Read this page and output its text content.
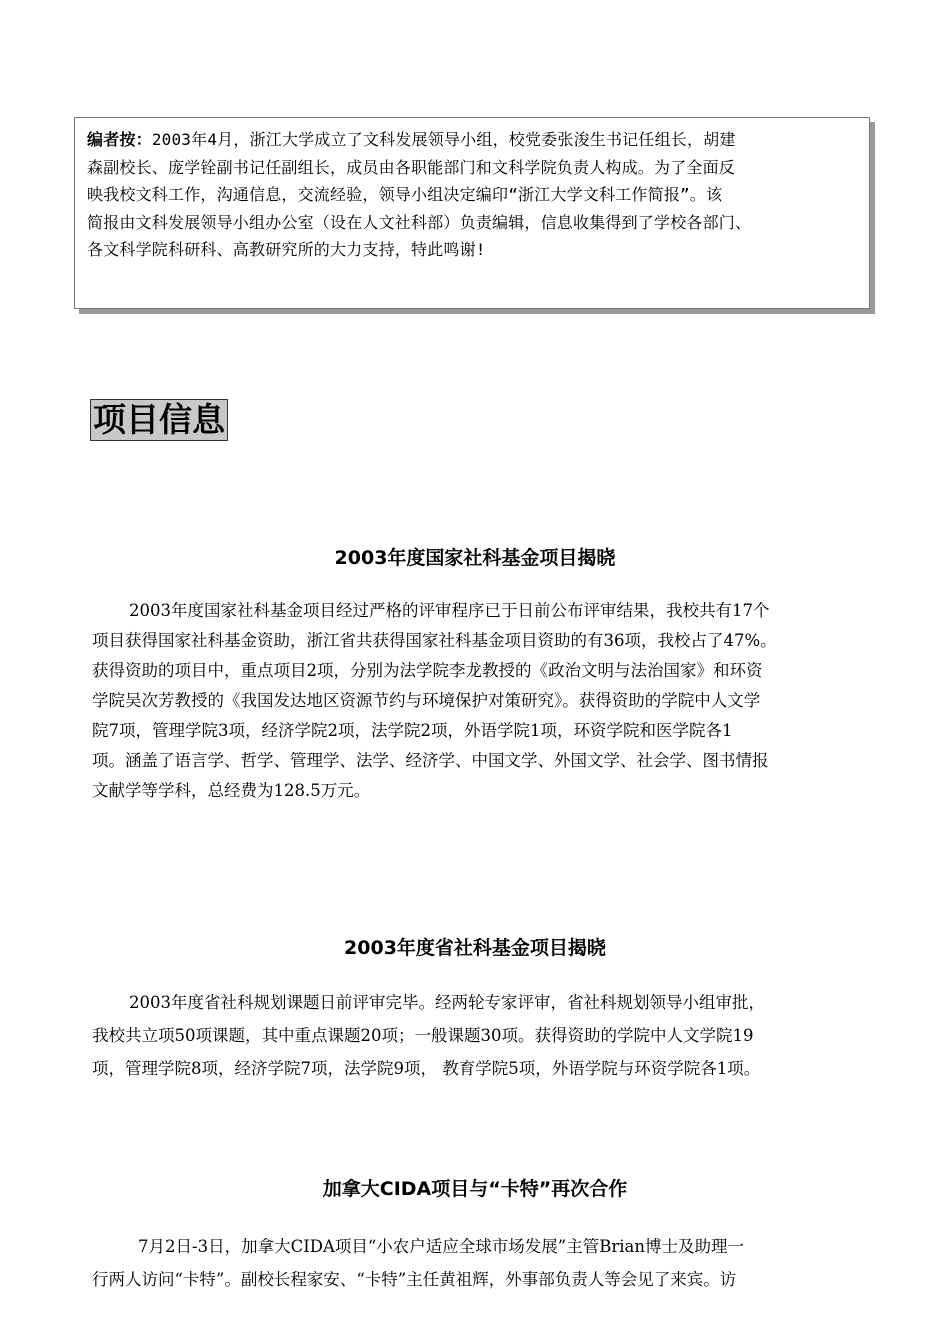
编者按：2003年4月，浙江大学成立了文科发展领导小组，校党委张浚生书记任组长，胡建
森副校长、庞学铨副书记任副组长，成员由各职能部门和文科学院负责人构成。为了全面反
映我校文科工作，沟通信息，交流经验，领导小组决定编印“浙江大学文科工作简报”。该
简报由文科发展领导小组办公室（设在人文社科部）负责编辑，信息收集得到了学校各部门、
各文科学院科研科、高教研究所的大力支持，特此鸣谢!
项目信息
2003年度国家社科基金项目揭晓
2003年度国家社科基金项目经过严格的评审程序已于日前公布评审结果，我校共有17个
项目获得国家社科基金资助，浙江省共获得国家社科基金项目资助的有36项，我校占了47%。
获得资助的项目中，重点项目2项，分别为法学院李龙教授的《政治文明与法治国家》和环资
学院吴次芳教授的《我国发达地区资源节约与环境保护对策研究》。获得资助的学院中人文学
院7项，管理学院3项，经济学院2项，法学院2项，外语学院1项，环资学院和医学院各1
项。涵盖了语言学、哲学、管理学、法学、经济学、中国文学、外国文学、社会学、图书情报
文献学等学科，总经费为128.5万元。
2003年度省社科基金项目揭晓
2003年度省社科规划课题日前评审完毕。经两轮专家评审，省社科规划领导小组审批，
我校共立项50项课题，其中重点课题20项；一般课题30项。获得资助的学院中人文学院19
项，管理学院8项，经济学院7项，法学院9项， 教育学院5项，外语学院与环资学院各1项。
加拿大CIDA项目与“卡特”再次合作
7月2日-3日，加拿大CIDA项目“小农户适应全球市场发展”主管Brian博士及助理一
行两人访问“卡特”。副校长程家安、“卡特”主任黄祖辉，外事部负责人等会见了来宾。访
